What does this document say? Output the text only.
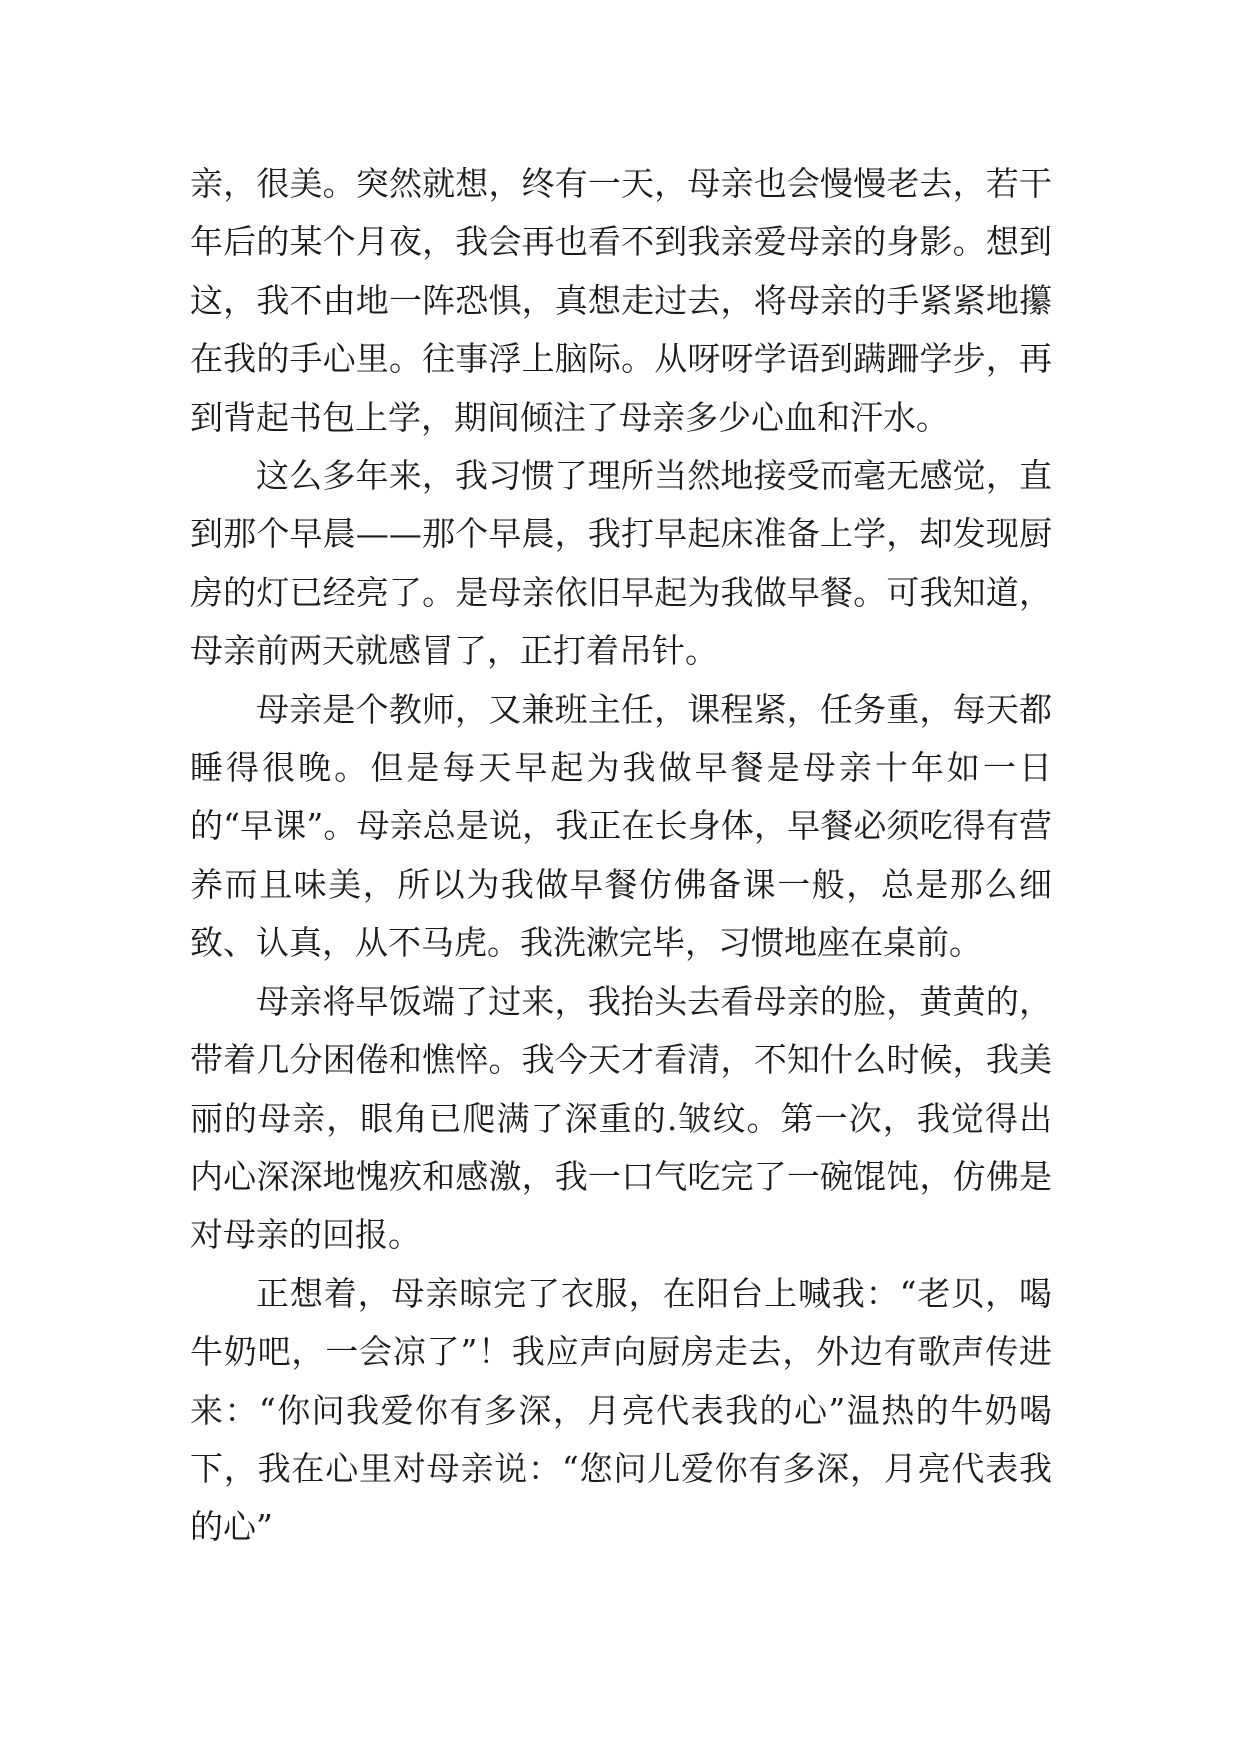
亲，很美。突然就想，终有一天，母亲也会慢慢老去，若干年后的某个月夜，我会再也看不到我亲爱母亲的身影。想到这，我不由地一阵恐惧，真想走过去，将母亲的手紧紧地攥在我的手心里。往事浮上脑际。从呀呀学语到蹒跚学步，再到背起书包上学，期间倾注了母亲多少心血和汗水。

这么多年来，我习惯了理所当然地接受而毫无感觉，直到那个早晨——那个早晨，我打早起床准备上学，却发现厨房的灯已经亮了。是母亲依旧早起为我做早餐。可我知道，母亲前两天就感冒了，正打着吊针。

母亲是个教师，又兼班主任，课程紧，任务重，每天都睡得很晚。但是每天早起为我做早餐是母亲十年如一日的“早课”。母亲总是说，我正在长身体，早餐必须吃得有营养而且味美，所以为我做早餐仿佛备课一般，总是那么细致、认真，从不马虎。我洗漱完毕，习惯地座在桌前。

母亲将早饭端了过来，我抬头去看母亲的脸，黄黄的，带着几分困倦和憔悴。我今天才看清，不知什么时候，我美丽的母亲，眼角已爬满了深重的.皱纹。第一次，我觉得出内心深深地愧疚和感激，我一口气吃完了一碗馄饨，仿佛是对母亲的回报。

正想着，母亲晾完了衣服，在阳台上喊我：“老贝，喝牛奶吧，一会凉了”！我应声向厨房走去，外边有歌声传进来：“你问我爱你有多深，月亮代表我的心”温热的牛奶喝下，我在心里对母亲说：“您问儿爱你有多深，月亮代表我的心”
